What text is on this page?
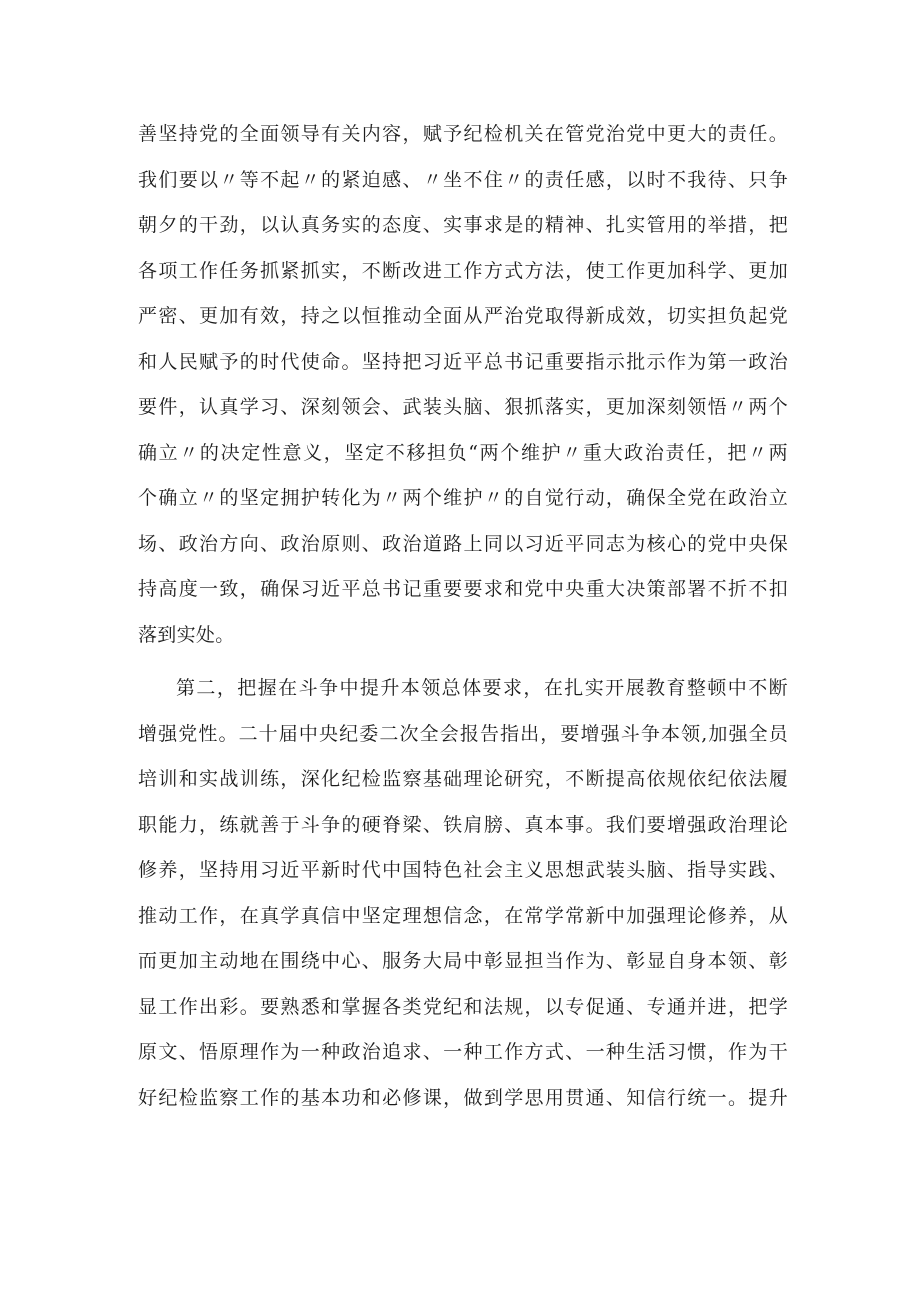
善坚持党的全面领导有关内容，赋予纪检机关在管党治党中更大的责任。
我们要以〃等不起〃的紧迫感、〃坐不住〃的责任感，以时不我待、只争
朝夕的干劲，以认真务实的态度、实事求是的精神、扎实管用的举措，把
各项工作任务抓紧抓实，不断改进工作方式方法，使工作更加科学、更加
严密、更加有效，持之以恒推动全面从严治党取得新成效，切实担负起党
和人民赋予的时代使命。坚持把习近平总书记重要指示批示作为第一政治
要件，认真学习、深刻领会、武装头脑、狠抓落实，更加深刻领悟〃两个
确立〃的决定性意义，坚定不移担负“两个维护〃重大政治责任，把〃两
个确立〃的坚定拥护转化为〃两个维护〃的自觉行动，确保全党在政治立
场、政治方向、政治原则、政治道路上同以习近平同志为核心的党中央保
持高度一致，确保习近平总书记重要要求和党中央重大决策部署不折不扣
落到实处。
第二，把握在斗争中提升本领总体要求，在扎实开展教育整顿中不断
增强党性。二十届中央纪委二次全会报告指出，要增强斗争本领,加强全员
培训和实战训练，深化纪检监察基础理论研究，不断提高依规依纪依法履
职能力，练就善于斗争的硬脊梁、铁肩膀、真本事。我们要增强政治理论
修养，坚持用习近平新时代中国特色社会主义思想武装头脑、指导实践、
推动工作，在真学真信中坚定理想信念，在常学常新中加强理论修养，从
而更加主动地在围绕中心、服务大局中彰显担当作为、彰显自身本领、彰
显工作出彩。要熟悉和掌握各类党纪和法规，以专促通、专通并进，把学
原文、悟原理作为一种政治追求、一种工作方式、一种生活习惯，作为干
好纪检监察工作的基本功和必修课，做到学思用贯通、知信行统一。提升
